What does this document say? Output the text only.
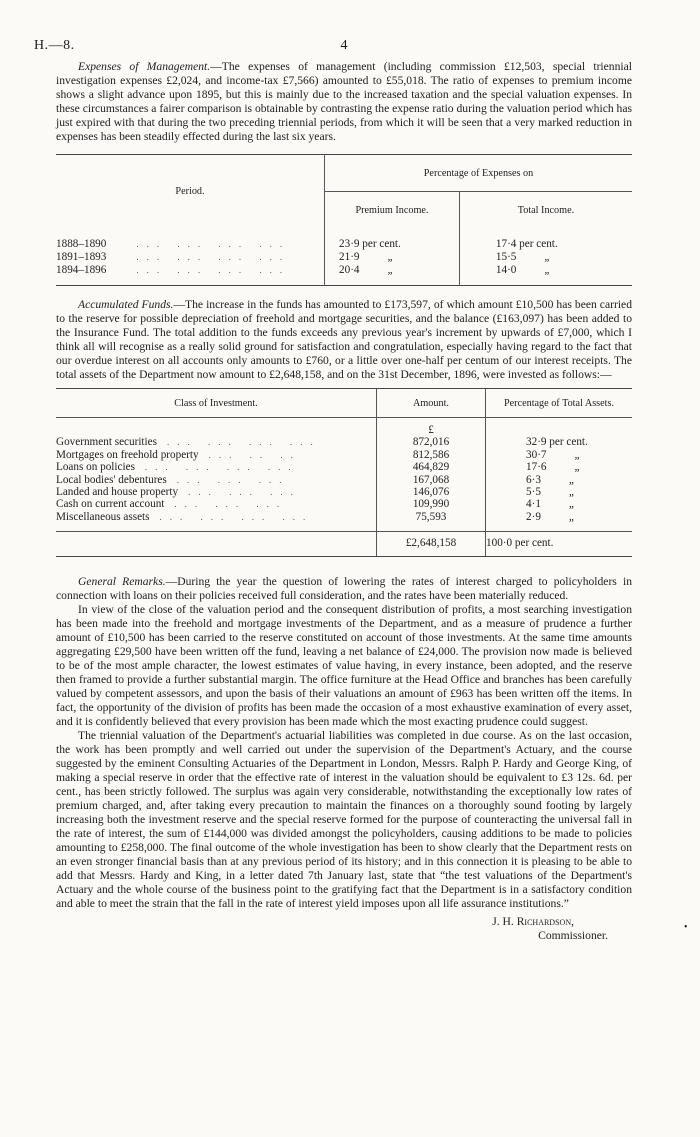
H.—8.	4

Expenses of Management.—The expenses of management (including commission £12,503, special triennial investigation expenses £2,024, and income-tax £7,566) amounted to £55,018. The ratio of expenses to premium income shows a slight advance upon 1895, but this is mainly due to the increased taxation and the special valuation expenses. In these circumstances a fairer comparison is obtainable by contrasting the expense ratio during the valuation period which has just expired with that during the two preceding triennial periods, from which it will be seen that a very marked reduction in expenses has been steadily effected during the last six years.

Period.	Percentage of Expenses on	
	Premium Income.	Total Income.
1888–1890 ... ... ... ...	23·9 per cent.	17·4 per cent.
1891–1893 ... ... ... ...	21·9 „	15·5 „
1894–1896 ... ... ... ...	20·4 „	14·0 „

Accumulated Funds.—The increase in the funds has amounted to £173,597, of which amount £10,500 has been carried to the reserve for possible depreciation of freehold and mortgage securities, and the balance (£163,097) has been added to the Insurance Fund. The total addition to the funds exceeds any previous year's increment by upwards of £7,000, which I think all will recognise as a really solid ground for satisfaction and congratulation, especially having regard to the fact that our overdue interest on all accounts only amounts to £760, or a little over one-half per centum of our interest receipts. The total assets of the Department now amount to £2,648,158, and on the 31st December, 1896, were invested as follows:—

Class of Investment.	Amount.	Percentage of Total Assets.
	£	
Government securities ... ... ... ...	872,016	32·9 per cent.
Mortgages on freehold property ... .. ..	812,586	30·7 „
Loans on policies ... ... ... ...	464,829	17·6 „
Local bodies' debentures ... ... ...	167,068	6·3 „
Landed and house property ... ... ...	146,076	5·5 „
Cash on current account ... ... ...	109,990	4·1 „
Miscellaneous assets ... ... ... ...	75,593	2·9 „

	£2,648,158	100·0 per cent.

General Remarks.—During the year the question of lowering the rates of interest charged to policyholders in connection with loans on their policies received full consideration, and the rates have been materially reduced.

In view of the close of the valuation period and the consequent distribution of profits, a most searching investigation has been made into the freehold and mortgage investments of the Department, and as a measure of prudence a further amount of £10,500 has been carried to the reserve constituted on account of those investments. At the same time amounts aggregating £29,500 have been written off the fund, leaving a net balance of £24,000. The provision now made is believed to be of the most ample character, the lowest estimates of value having, in every instance, been adopted, and the reserve then framed to provide a further substantial margin. The office furniture at the Head Office and branches has been carefully valued by competent assessors, and upon the basis of their valuations an amount of £963 has been written off the items. In fact, the opportunity of the division of profits has been made the occasion of a most exhaustive examination of every asset, and it is confidently believed that every provision has been made which the most exacting prudence could suggest.

The triennial valuation of the Department's actuarial liabilities was completed in due course. As on the last occasion, the work has been promptly and well carried out under the supervision of the Department's Actuary, and the course suggested by the eminent Consulting Actuaries of the Department in London, Messrs. Ralph P. Hardy and George King, of making a special reserve in order that the effective rate of interest in the valuation should be equivalent to £3 12s. 6d. per cent., has been strictly followed. The surplus was again very considerable, notwithstanding the exceptionally low rates of premium charged, and, after taking every precaution to maintain the finances on a thoroughly sound footing by largely increasing both the investment reserve and the special reserve formed for the purpose of counteracting the universal fall in the rate of interest, the sum of £144,000 was divided amongst the policyholders, causing additions to be made to policies amounting to £258,000. The final outcome of the whole investigation has been to show clearly that the Department rests on an even stronger financial basis than at any previous period of its history; and in this connection it is pleasing to be able to add that Messrs. Hardy and King, in a letter dated 7th January last, state that “the test valuations of the Department's Actuary and the whole course of the business point to the gratifying fact that the Department is in a satisfactory condition and able to meet the strain that the fall in the rate of interest yield imposes upon all life assurance institutions.”

J. H. Richardson,
Commissioner.
•
